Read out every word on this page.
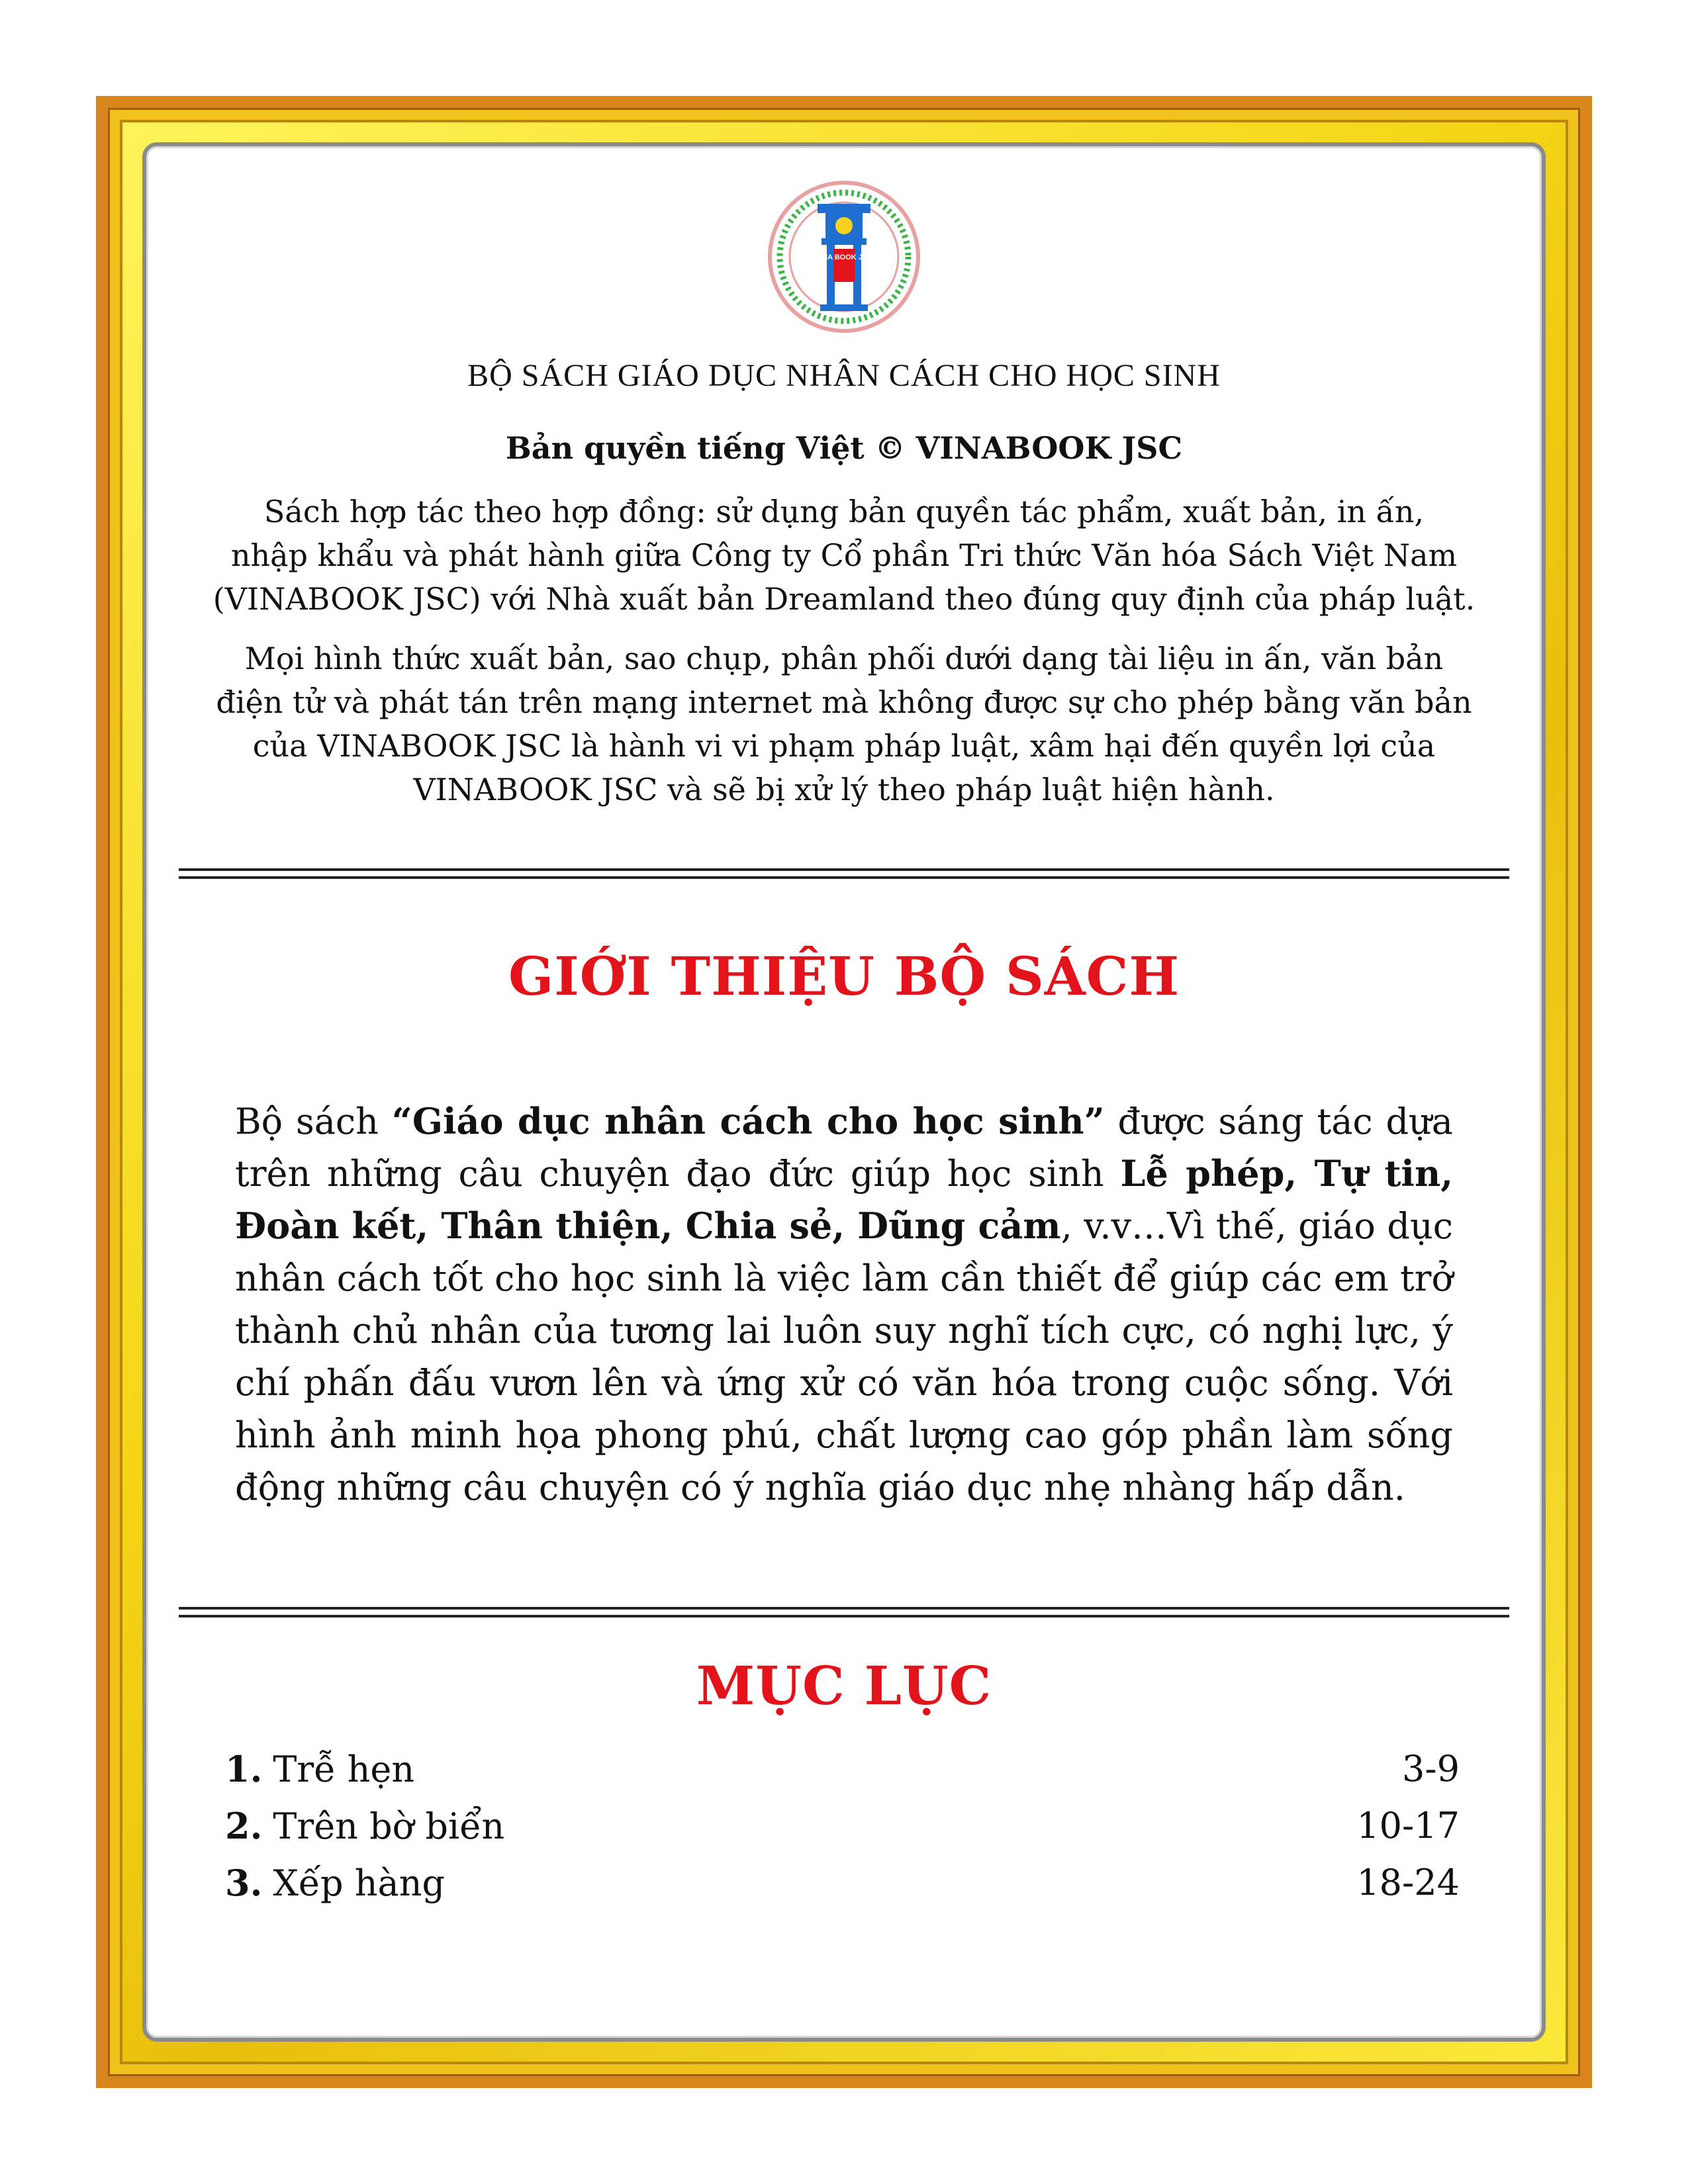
VINA BOOK JSC
BỘ SÁCH GIÁO DỤC NHÂN CÁCH CHO HỌC SINH
Bản quyền tiếng Việt © VINABOOK JSC

Sách hợp tác theo hợp đồng: sử dụng bản quyền tác phẩm, xuất bản, in ấn,
nhập khẩu và phát hành giữa Công ty Cổ phần Tri thức Văn hóa Sách Việt Nam
(VINABOOK JSC) với Nhà xuất bản Dreamland theo đúng quy định của pháp luật.

Mọi hình thức xuất bản, sao chụp, phân phối dưới dạng tài liệu in ấn, văn bản
điện tử và phát tán trên mạng internet mà không được sự cho phép bằng văn bản
của VINABOOK JSC là hành vi vi phạm pháp luật, xâm hại đến quyền lợi của
VINABOOK JSC và sẽ bị xử lý theo pháp luật hiện hành.

GIỚI THIỆU BỘ SÁCH

Bộ sách “Giáo dục nhân cách cho học sinh” được sáng tác dựa trên những câu chuyện đạo đức giúp học sinh Lễ phép, Tự tin, Đoàn kết, Thân thiện, Chia sẻ, Dũng cảm, v.v…Vì thế, giáo dục nhân cách tốt cho học sinh là việc làm cần thiết để giúp các em trở thành chủ nhân của tương lai luôn suy nghĩ tích cực, có nghị lực, ý chí phấn đấu vươn lên và ứng xử có văn hóa trong cuộc sống. Với hình ảnh minh họa phong phú, chất lượng cao góp phần làm sống động những câu chuyện có ý nghĩa giáo dục nhẹ nhàng hấp dẫn.

MỤC LỤC
1. Trễ hẹn	3-9
2. Trên bờ biển	10-17
3. Xếp hàng	18-24
